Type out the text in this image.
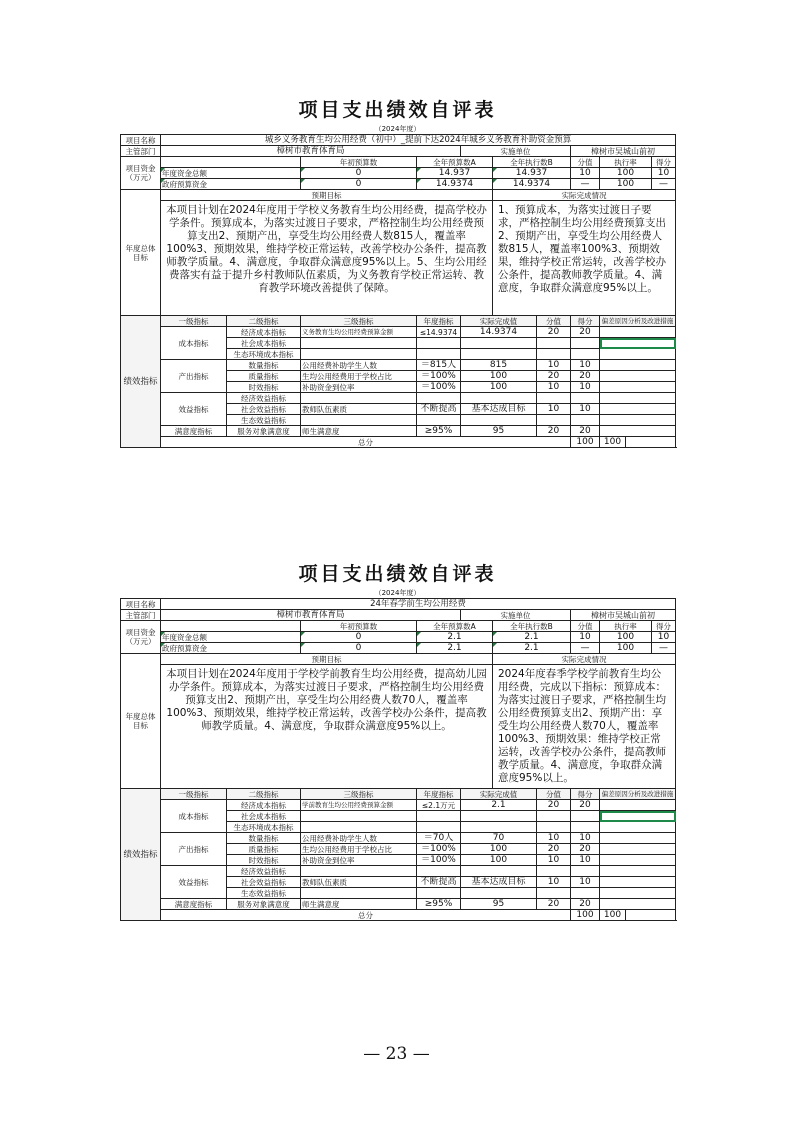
项目支出绩效自评表
（2024年度）
项目名称	城乡义务教育生均公用经费（初中）_提前下达2024年城乡义务教育补助资金预算										
主管部门	樟树市教育体育局				实施单位			樟树市吴城山前初			
项目资金（万元）			年初预算数	全年预算数A		全年执行数B		分值	执行率		得分
	年度资金总额		0	14.937		14.937		10	100		10
	政府预算资金		0	14.9374		14.9374		—	100		—
年度总体目标	预期目标					实际完成情况					
	本项目计划在2024年度用于学校义务教育生均公用经费，提高学校办学条件。预算成本，为落实过渡日子要求，严格控制生均公用经费预算支出2、预期产出，享受生均公用经费人数815人，覆盖率100%3、预期效果，维持学校正常运转，改善学校办公条件，提高教师教学质量。4、满意度，争取群众满意度95%以上。5、生均公用经费落实有益于提升乡村教师队伍素质，为义务教育学校正常运转、教育教学环境改善提供了保障。					1、预算成本，为落实过渡日子要求，严格控制生均公用经费预算支出2、预期产出，享受生均公用经费人数815人，覆盖率100%3、预期效果，维持学校正常运转，改善学校办公条件，提高教师教学质量。4、满意度，争取群众满意度95%以上。					
绩效指标	一级指标	二级指标	三级指标	年度指标	实际完成值		分值	得分	偏差原因分析及改进措施		
	成本指标	经济成本指标	义务教育生均公用经费预算金额	≤14.9374	14.9374		20	20			
		社会成本指标									
		生态环境成本指标									
	产出指标	数量指标	公用经费补助学生人数	＝815人	815		10	10			
		质量指标	生均公用经费用于学校占比	＝100%	100		20	20			
		时效指标	补助资金到位率	＝100%	100		10	10			
	效益指标	经济效益指标									
		社会效益指标	教师队伍素质	不断提高	基本达成目标		10	10			
		生态效益指标									
	满意度指标	服务对象满意度	师生满意度	≥95%	95		20	20			
	总分							100	100		
项目支出绩效自评表
（2024年度）
项目名称	24年春学前生均公用经费										
主管部门	樟树市教育体育局				实施单位			樟树市吴城山前初			
项目资金（万元）			年初预算数	全年预算数A		全年执行数B		分值	执行率		得分
	年度资金总额		0	2.1		2.1		10	100		10
	政府预算资金		0	2.1		2.1		—	100		—
年度总体目标	预期目标					实际完成情况					
	本项目计划在2024年度用于学校学前教育生均公用经费，提高幼儿园办学条件。预算成本，为落实过渡日子要求，严格控制生均公用经费预算支出2、预期产出，享受生均公用经费人数70人，覆盖率100%3、预期效果，维持学校正常运转，改善学校办公条件，提高教师教学质量。4、满意度，争取群众满意度95%以上。					2024年度春季学校学前教育生均公用经费，完成以下指标：预算成本：为落实过渡日子要求，严格控制生均公用经费预算支出2、预期产出：享受生均公用经费人数70人，覆盖率100%3、预期效果：维持学校正常运转，改善学校办公条件，提高教师教学质量。4、满意度，争取群众满意度95%以上。					
绩效指标	一级指标	二级指标	三级指标	年度指标	实际完成值		分值	得分	偏差原因分析及改进措施		
	成本指标	经济成本指标	学前教育生均公用经费预算金额	≤2.1万元	2.1		20	20			
		社会成本指标									
		生态环境成本指标									
	产出指标	数量指标	公用经费补助学生人数	＝70人	70		10	10			
		质量指标	生均公用经费用于学校占比	＝100%	100		20	20			
		时效指标	补助资金到位率	＝100%	100		10	10			
	效益指标	经济效益指标									
		社会效益指标	教师队伍素质	不断提高	基本达成目标		10	10			
		生态效益指标									
	满意度指标	服务对象满意度	师生满意度	≥95%	95		20	20			
	总分							100	100		
— 23 —
